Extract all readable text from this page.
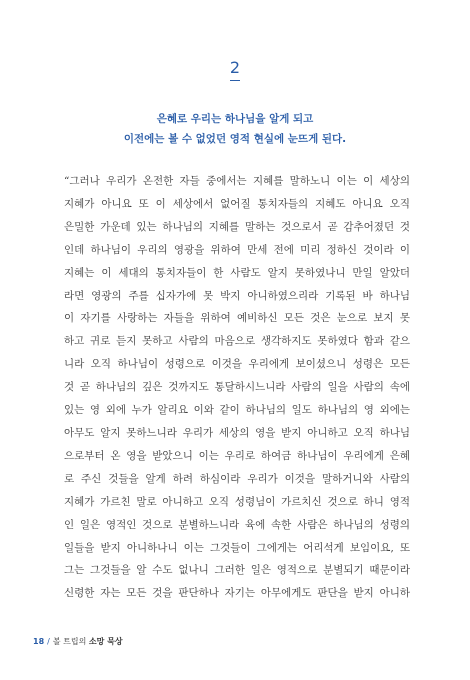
2
은혜로 우리는 하나님을 알게 되고
이전에는 볼 수 없었던 영적 현실에 눈뜨게 된다.
“그러나 우리가 온전한 자들 중에서는 지혜를 말하노니 이는 이 세상의
지혜가 아니요 또 이 세상에서 없어질 통치자들의 지혜도 아니요 오직
은밀한 가운데 있는 하나님의 지혜를 말하는 것으로서 곧 감추어졌던 것
인데 하나님이 우리의 영광을 위하여 만세 전에 미리 정하신 것이라 이
지혜는 이 세대의 통치자들이 한 사람도 알지 못하였나니 만일 알았더
라면 영광의 주를 십자가에 못 박지 아니하였으리라 기록된 바 하나님
이 자기를 사랑하는 자들을 위하여 예비하신 모든 것은 눈으로 보지 못
하고 귀로 듣지 못하고 사람의 마음으로 생각하지도 못하였다 함과 같으
니라 오직 하나님이 성령으로 이것을 우리에게 보이셨으니 성령은 모든
것 곧 하나님의 깊은 것까지도 통달하시느니라 사람의 일을 사람의 속에
있는 영 외에 누가 알리요 이와 같이 하나님의 일도 하나님의 영 외에는
아무도 알지 못하느니라 우리가 세상의 영을 받지 아니하고 오직 하나님
으로부터 온 영을 받았으니 이는 우리로 하여금 하나님이 우리에게 은혜
로 주신 것들을 알게 하려 하심이라 우리가 이것을 말하거니와 사람의
지혜가 가르친 말로 아니하고 오직 성령님이 가르치신 것으로 하니 영적
인 일은 영적인 것으로 분별하느니라 육에 속한 사람은 하나님의 성령의
일들을 받지 아니하나니 이는 그것들이 그에게는 어리석게 보임이요, 또
그는 그것들을 알 수도 없나니 그러한 일은 영적으로 분별되기 때문이라
신령한 자는 모든 것을 판단하나 자기는 아무에게도 판단을 받지 아니하
18 / 볼 트립의 소망 묵상
